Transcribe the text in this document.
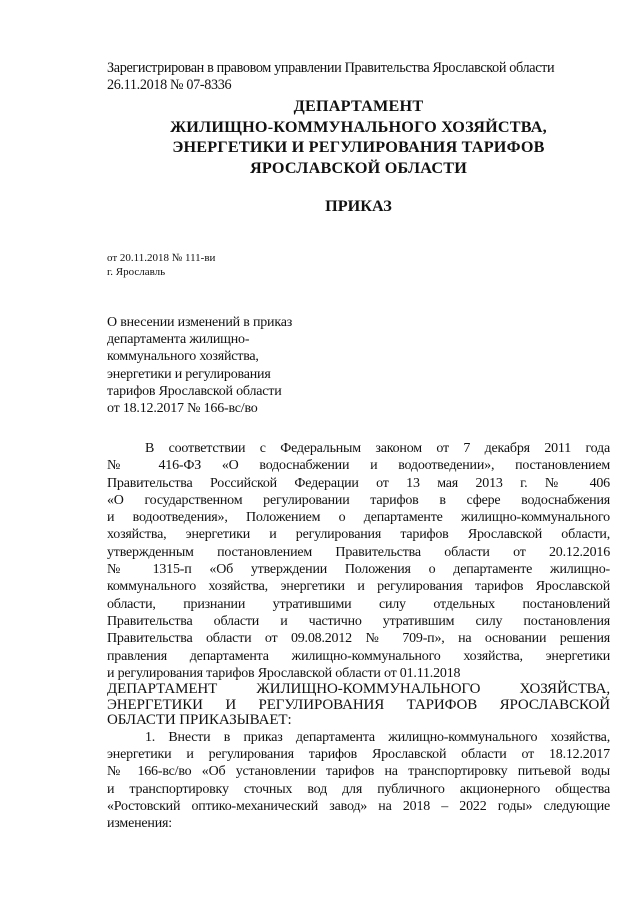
Зарегистрирован в правовом управлении Правительства Ярославской области
26.11.2018 № 07-8336
ДЕПАРТАМЕНТ
ЖИЛИЩНО-КОММУНАЛЬНОГО ХОЗЯЙСТВА,
ЭНЕРГЕТИКИ И РЕГУЛИРОВАНИЯ ТАРИФОВ
ЯРОСЛАВСКОЙ ОБЛАСТИ
ПРИКАЗ
от 20.11.2018 № 111-ви
г. Ярославль
О внесении изменений в приказ
департамента жилищно-
коммунального хозяйства,
энергетики и регулирования
тарифов Ярославской области
от 18.12.2017 № 166-вс/во
В соответствии с Федеральным законом от 7 декабря 2011 года
№ 416-ФЗ «О водоснабжении и водоотведении», постановлением
Правительства Российской Федерации от 13 мая 2013 г. № 406
«О государственном регулировании тарифов в сфере водоснабжения
и водоотведения», Положением о департаменте жилищно-коммунального
хозяйства, энергетики и регулирования тарифов Ярославской области,
утвержденным постановлением Правительства области от 20.12.2016
№ 1315-п «Об утверждении Положения о департаменте жилищно-
коммунального хозяйства, энергетики и регулирования тарифов Ярославской
области, признании утратившими силу отдельных постановлений
Правительства области и частично утратившим силу постановления
Правительства области от 09.08.2012 № 709-п», на основании решения
правления департамента жилищно-коммунального хозяйства, энергетики
и регулирования тарифов Ярославской области от 01.11.2018
ДЕПАРТАМЕНТ ЖИЛИЩНО-КОММУНАЛЬНОГО ХОЗЯЙСТВА,
ЭНЕРГЕТИКИ И РЕГУЛИРОВАНИЯ ТАРИФОВ ЯРОСЛАВСКОЙ
ОБЛАСТИ ПРИКАЗЫВАЕТ:
1. Внести в приказ департамента жилищно-коммунального хозяйства,
энергетики и регулирования тарифов Ярославской области от 18.12.2017
№ 166-вс/во «Об установлении тарифов на транспортировку питьевой воды
и транспортировку сточных вод для публичного акционерного общества
«Ростовский оптико-механический завод» на 2018 – 2022 годы» следующие
изменения:
